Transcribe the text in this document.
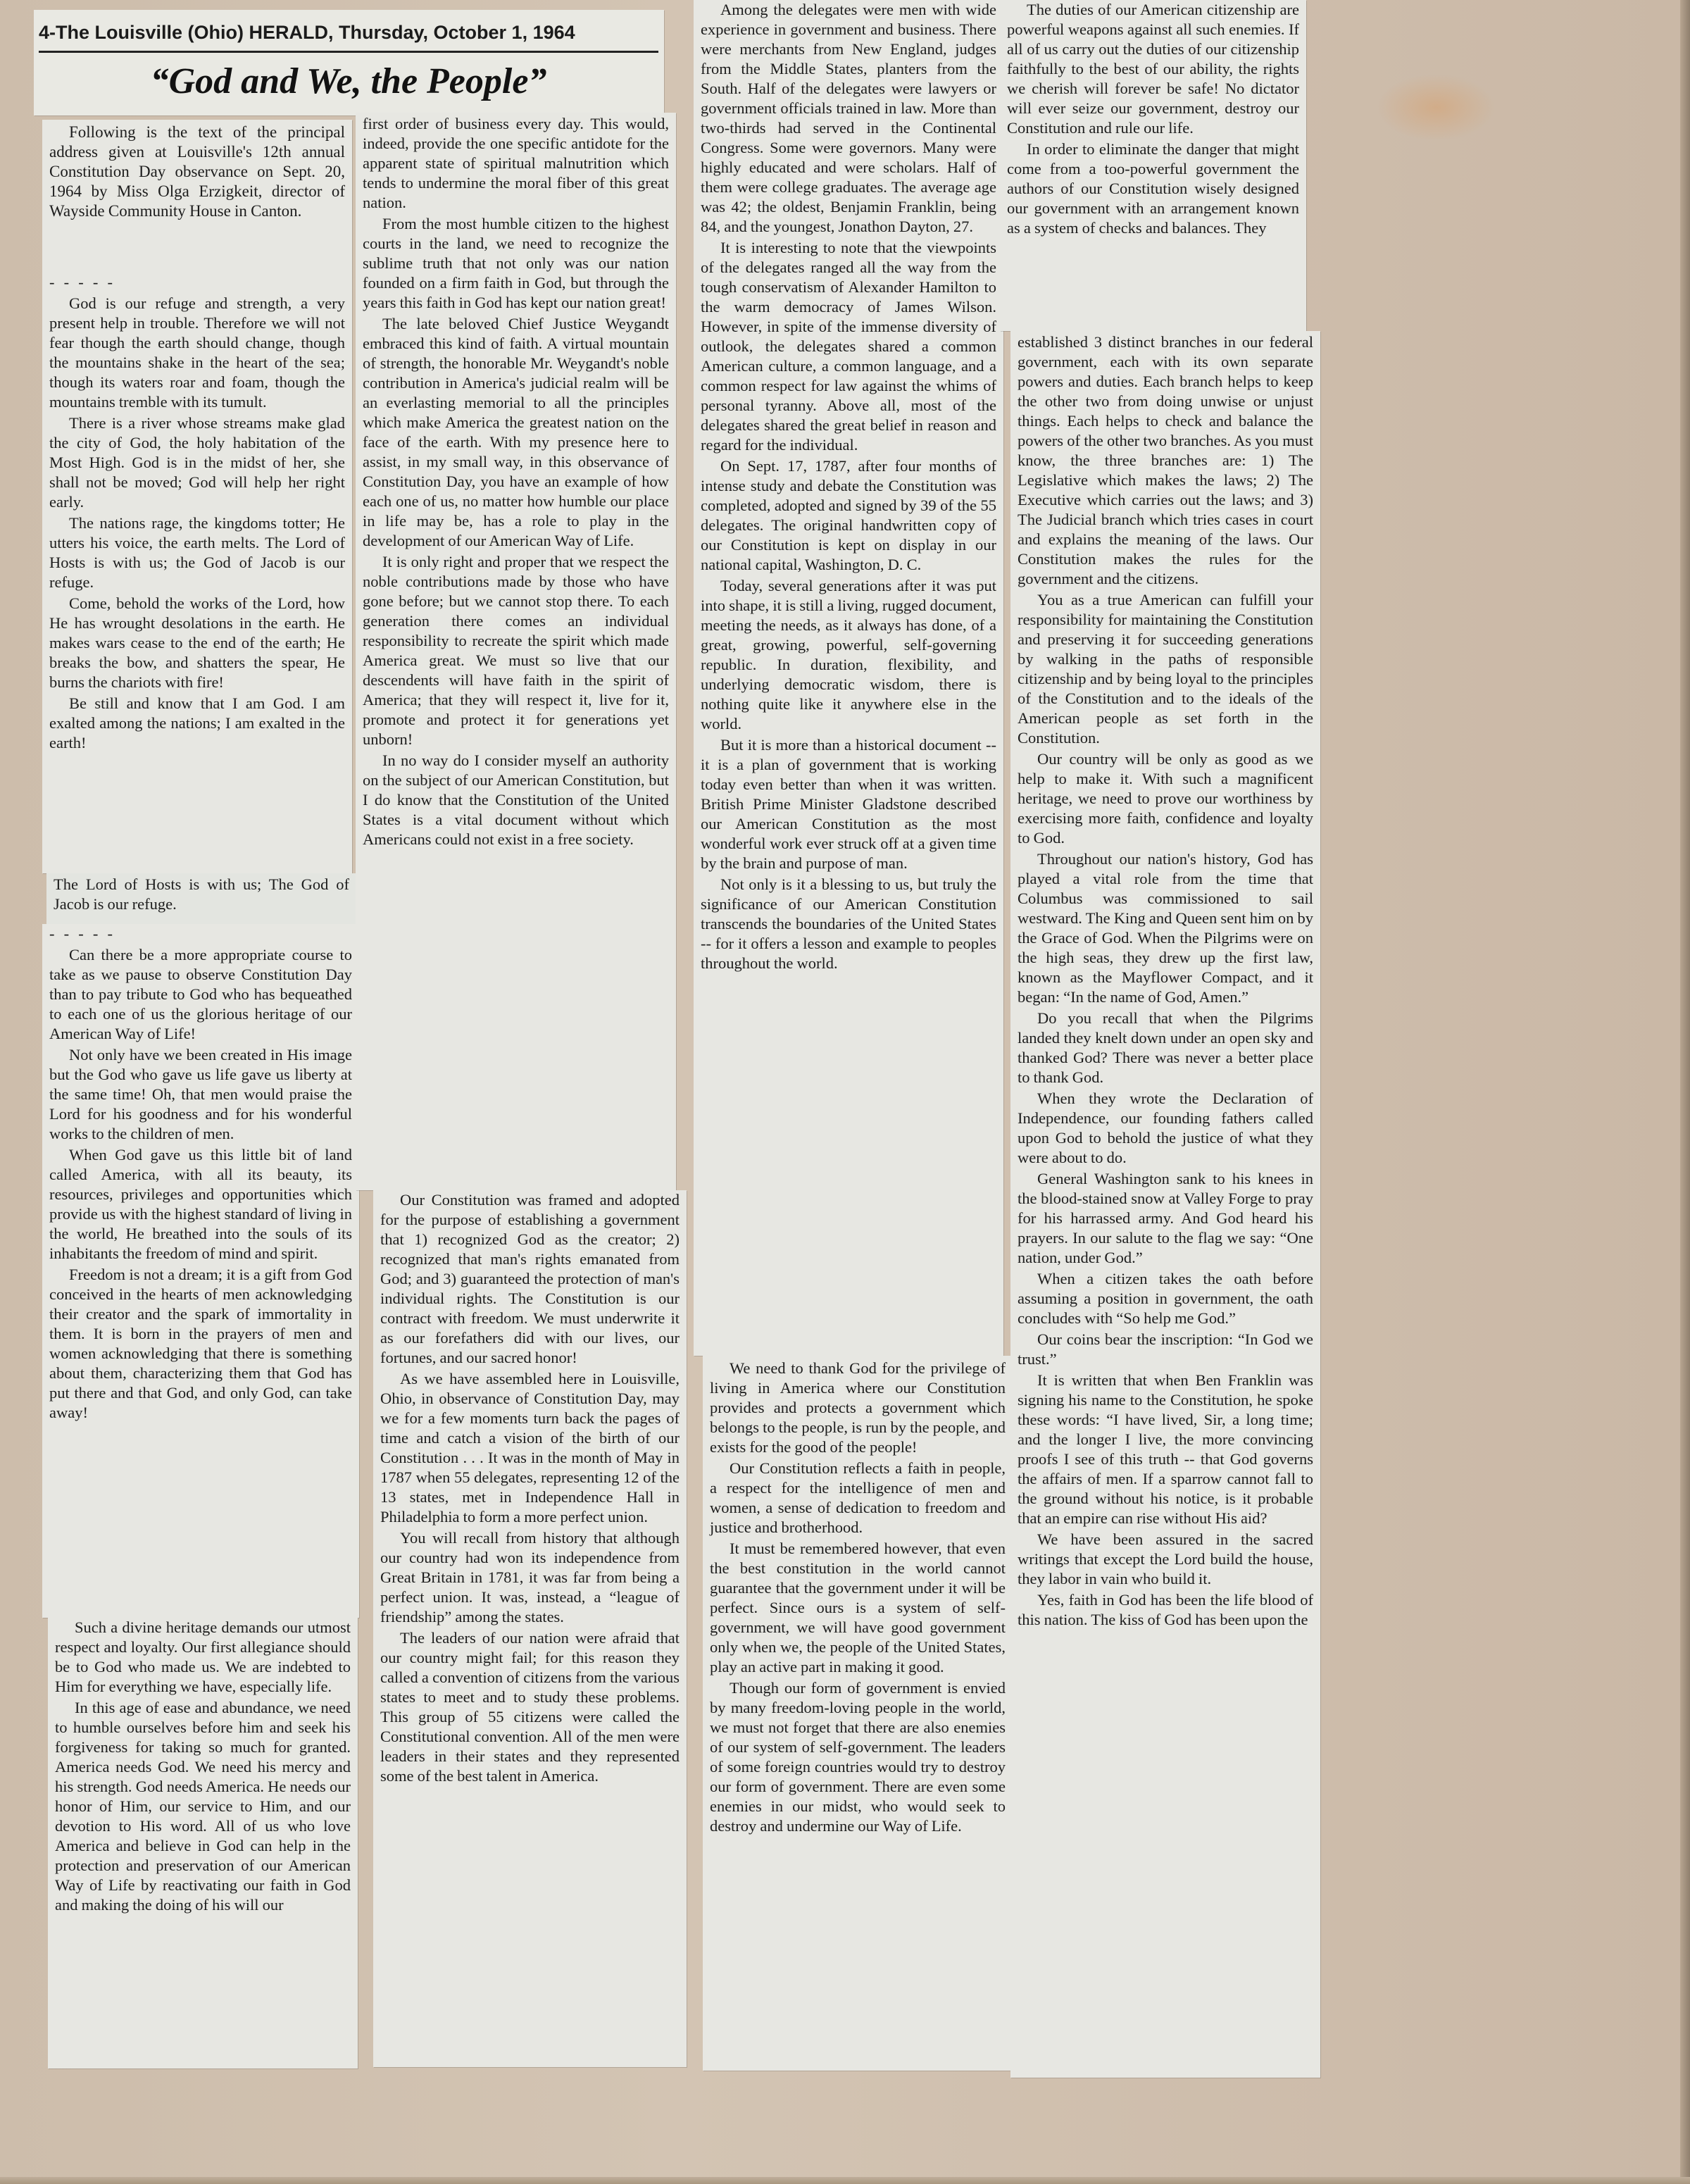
4-The Louisville (Ohio) HERALD, Thursday, October 1, 1964
“God and We, the People”

Following is the text of the principal address given at Louisville's 12th annual Constitution Day observance on Sept. 20, 1964 by Miss Olga Erzigkeit, director of Wayside Community House in Canton.

- - - - -

God is our refuge and strength, a very present help in trouble. Therefore we will not fear though the earth should change, though the mountains shake in the heart of the sea; though its waters roar and foam, though the mountains tremble with its tumult.

There is a river whose streams make glad the city of God, the holy habitation of the Most High. God is in the midst of her, she shall not be moved; God will help her right early.

The nations rage, the kingdoms totter; He utters his voice, the earth melts. The Lord of Hosts is with us; the God of Jacob is our refuge.

Come, behold the works of the Lord, how He has wrought desolations in the earth. He makes wars cease to the end of the earth; He breaks the bow, and shatters the spear, He burns the chariots with fire!

Be still and know that I am God. I am exalted among the nations; I am exalted in the earth!

The Lord of Hosts is with us; The God of Jacob is our refuge.

- - - - -

Can there be a more appropriate course to take as we pause to observe Constitution Day than to pay tribute to God who has bequeathed to each one of us the glorious heritage of our American Way of Life!

Not only have we been created in His image but the God who gave us life gave us liberty at the same time! Oh, that men would praise the Lord for his goodness and for his wonderful works to the children of men.

When God gave us this little bit of land called America, with all its beauty, its resources, privileges and opportunities which provide us with the highest standard of living in the world, He breathed into the souls of its inhabitants the freedom of mind and spirit.

Freedom is not a dream; it is a gift from God conceived in the hearts of men acknowledging their creator and the spark of immortality in them. It is born in the prayers of men and women acknowledging that there is something about them, characterizing them that God has put there and that God, and only God, can take away!

Such a divine heritage demands our utmost respect and loyalty. Our first allegiance should be to God who made us. We are indebted to Him for everything we have, especially life.

In this age of ease and abundance, we need to humble ourselves before him and seek his forgiveness for taking so much for granted. America needs God. We need his mercy and his strength. God needs America. He needs our honor of Him, our service to Him, and our devotion to His word. All of us who love America and believe in God can help in the protection and preservation of our American Way of Life by reactivating our faith in God and making the doing of his will our

first order of business every day. This would, indeed, provide the one specific antidote for the apparent state of spiritual malnutrition which tends to undermine the moral fiber of this great nation.

From the most humble citizen to the highest courts in the land, we need to recognize the sublime truth that not only was our nation founded on a firm faith in God, but through the years this faith in God has kept our nation great!

The late beloved Chief Justice Weygandt embraced this kind of faith. A virtual mountain of strength, the honorable Mr. Weygandt's noble contribution in America's judicial realm will be an everlasting memorial to all the principles which make America the greatest nation on the face of the earth. With my presence here to assist, in my small way, in this observance of Constitution Day, you have an example of how each one of us, no matter how humble our place in life may be, has a role to play in the development of our American Way of Life.

It is only right and proper that we respect the noble contributions made by those who have gone before; but we cannot stop there. To each generation there comes an individual responsibility to recreate the spirit which made America great. We must so live that our descendents will have faith in the spirit of America; that they will respect it, live for it, promote and protect it for generations yet unborn!

In no way do I consider myself an authority on the subject of our American Constitution, but I do know that the Constitution of the United States is a vital document without which Americans could not exist in a free society.

Our Constitution was framed and adopted for the purpose of establishing a government that 1) recognized God as the creator; 2) recognized that man's rights emanated from God; and 3) guaranteed the protection of man's individual rights. The Constitution is our contract with freedom. We must underwrite it as our forefathers did with our lives, our fortunes, and our sacred honor!

As we have assembled here in Louisville, Ohio, in observance of Constitution Day, may we for a few moments turn back the pages of time and catch a vision of the birth of our Constitution . . . It was in the month of May in 1787 when 55 delegates, representing 12 of the 13 states, met in Independence Hall in Philadelphia to form a more perfect union.

You will recall from history that although our country had won its independence from Great Britain in 1781, it was far from being a perfect union. It was, instead, a “league of friendship” among the states.

The leaders of our nation were afraid that our country might fail; for this reason they called a convention of citizens from the various states to meet and to study these problems. This group of 55 citizens were called the Constitutional convention. All of the men were leaders in their states and they represented some of the best talent in America.

Among the delegates were men with wide experience in government and business. There were merchants from New England, judges from the Middle States, planters from the South. Half of the delegates were lawyers or government officials trained in law. More than two-thirds had served in the Continental Congress. Some were governors. Many were highly educated and were scholars. Half of them were college graduates. The average age was 42; the oldest, Benjamin Franklin, being 84, and the youngest, Jonathon Dayton, 27.

It is interesting to note that the viewpoints of the delegates ranged all the way from the tough conservatism of Alexander Hamilton to the warm democracy of James Wilson. However, in spite of the immense diversity of outlook, the delegates shared a common American culture, a common language, and a common respect for law against the whims of personal tyranny. Above all, most of the delegates shared the great belief in reason and regard for the individual.

On Sept. 17, 1787, after four months of intense study and debate the Constitution was completed, adopted and signed by 39 of the 55 delegates. The original handwritten copy of our Constitution is kept on display in our national capital, Washington, D. C.

Today, several generations after it was put into shape, it is still a living, rugged document, meeting the needs, as it always has done, of a great, growing, powerful, self-governing republic. In duration, flexibility, and underlying democratic wisdom, there is nothing quite like it anywhere else in the world.

But it is more than a historical document -- it is a plan of government that is working today even better than when it was written. British Prime Minister Gladstone described our American Constitution as the most wonderful work ever struck off at a given time by the brain and purpose of man.

Not only is it a blessing to us, but truly the significance of our American Constitution transcends the boundaries of the United States -- for it offers a lesson and example to peoples throughout the world.

We need to thank God for the privilege of living in America where our Constitution provides and protects a government which belongs to the people, is run by the people, and exists for the good of the people!

Our Constitution reflects a faith in people, a respect for the intelligence of men and women, a sense of dedication to freedom and justice and brotherhood.

It must be remembered however, that even the best constitution in the world cannot guarantee that the government under it will be perfect. Since ours is a system of self-government, we will have good government only when we, the people of the United States, play an active part in making it good.

Though our form of government is envied by many freedom-loving people in the world, we must not forget that there are also enemies of our system of self-government. The leaders of some foreign countries would try to destroy our form of government. There are even some enemies in our midst, who would seek to destroy and undermine our Way of Life.

The duties of our American citizenship are powerful weapons against all such enemies. If all of us carry out the duties of our citizenship faithfully to the best of our ability, the rights we cherish will forever be safe! No dictator will ever seize our government, destroy our Constitution and rule our life.

In order to eliminate the danger that might come from a too-powerful government the authors of our Constitution wisely designed our government with an arrangement known as a system of checks and balances. They

established 3 distinct branches in our federal government, each with its own separate powers and duties. Each branch helps to keep the other two from doing unwise or unjust things. Each helps to check and balance the powers of the other two branches. As you must know, the three branches are: 1) The Legislative which makes the laws; 2) The Executive which carries out the laws; and 3) The Judicial branch which tries cases in court and explains the meaning of the laws. Our Constitution makes the rules for the government and the citizens.

You as a true American can fulfill your responsibility for maintaining the Constitution and preserving it for succeeding generations by walking in the paths of responsible citizenship and by being loyal to the principles of the Constitution and to the ideals of the American people as set forth in the Constitution.

Our country will be only as good as we help to make it. With such a magnificent heritage, we need to prove our worthiness by exercising more faith, confidence and loyalty to God.

Throughout our nation's history, God has played a vital role from the time that Columbus was commissioned to sail westward. The King and Queen sent him on by the Grace of God. When the Pilgrims were on the high seas, they drew up the first law, known as the Mayflower Compact, and it began: “In the name of God, Amen.”

Do you recall that when the Pilgrims landed they knelt down under an open sky and thanked God? There was never a better place to thank God.

When they wrote the Declaration of Independence, our founding fathers called upon God to behold the justice of what they were about to do.

General Washington sank to his knees in the blood-stained snow at Valley Forge to pray for his harrassed army. And God heard his prayers. In our salute to the flag we say: “One nation, under God.”

When a citizen takes the oath before assuming a position in government, the oath concludes with “So help me God.”

Our coins bear the inscription: “In God we trust.”

It is written that when Ben Franklin was signing his name to the Constitution, he spoke these words: “I have lived, Sir, a long time; and the longer I live, the more convincing proofs I see of this truth -- that God governs the affairs of men. If a sparrow cannot fall to the ground without his notice, is it probable that an empire can rise without His aid?

We have been assured in the sacred writings that except the Lord build the house, they labor in vain who build it.

Yes, faith in God has been the life blood of this nation. The kiss of God has been upon the
